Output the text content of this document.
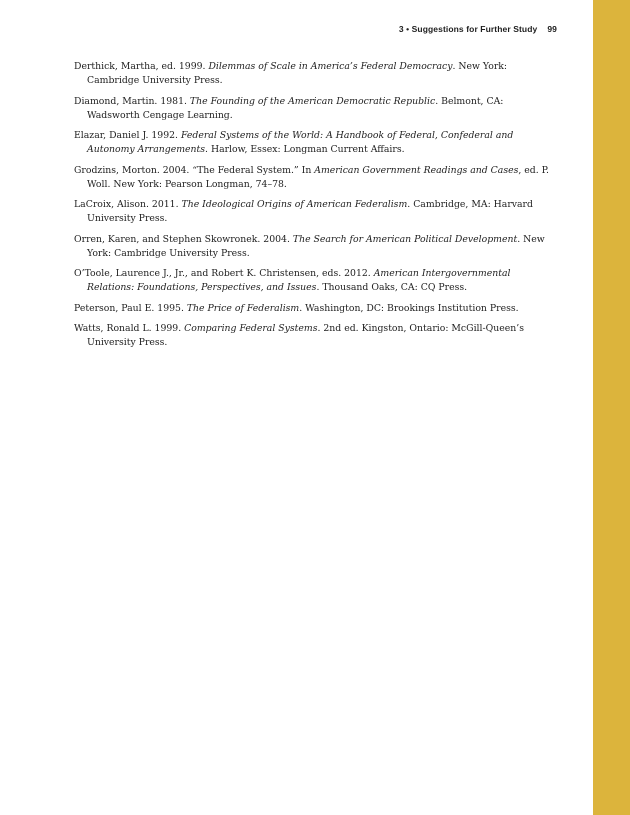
3 • Suggestions for Further Study 99

Derthick, Martha, ed. 1999. Dilemmas of Scale in America’s Federal Democracy. New York: Cambridge University Press.

Diamond, Martin. 1981. The Founding of the American Democratic Republic. Belmont, CA: Wadsworth Cengage Learning.

Elazar, Daniel J. 1992. Federal Systems of the World: A Handbook of Federal, Confederal and Autonomy Arrangements. Harlow, Essex: Longman Current Affairs.

Grodzins, Morton. 2004. “The Federal System.” In American Government Readings and Cases, ed. P. Woll. New York: Pearson Longman, 74–78.

LaCroix, Alison. 2011. The Ideological Origins of American Federalism. Cambridge, MA: Harvard University Press.

Orren, Karen, and Stephen Skowronek. 2004. The Search for American Political Development. New York: Cambridge University Press.

O’Toole, Laurence J., Jr., and Robert K. Christensen, eds. 2012. American Intergovernmental Relations: Foundations, Perspectives, and Issues. Thousand Oaks, CA: CQ Press.

Peterson, Paul E. 1995. The Price of Federalism. Washington, DC: Brookings Institution Press.

Watts, Ronald L. 1999. Comparing Federal Systems. 2nd ed. Kingston, Ontario: McGill-Queen’s University Press.
